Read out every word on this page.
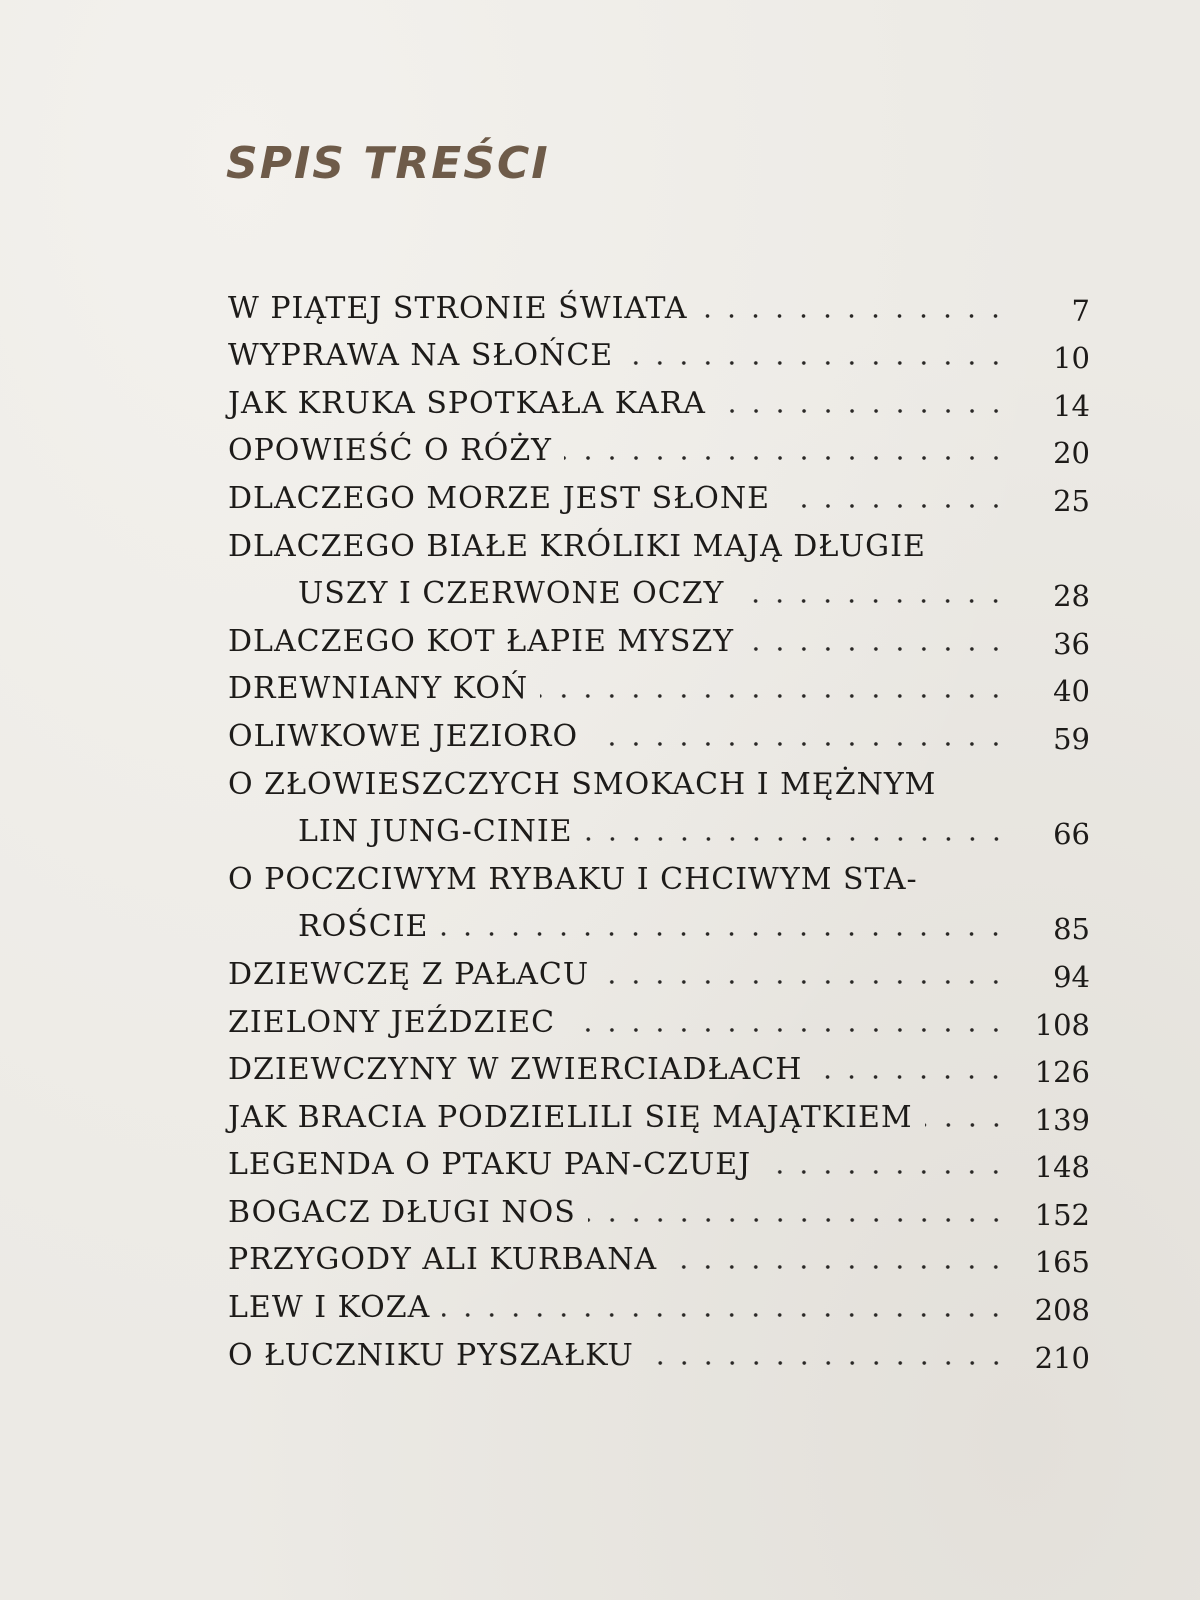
SPIS TREŚCI
W PIĄTEJ STRONIE ŚWIATA	7
WYPRAWA NA SŁOŃCE	10
JAK KRUKA SPOTKAŁA KARA	14
OPOWIEŚĆ O RÓŻY	20
DLACZEGO MORZE JEST SŁONE	25
DLACZEGO BIAŁE KRÓLIKI MAJĄ DŁUGIE
USZY I CZERWONE OCZY	28
DLACZEGO KOT ŁAPIE MYSZY	36
DREWNIANY KOŃ	40
OLIWKOWE JEZIORO	59
O ZŁOWIESZCZYCH SMOKACH I MĘŻNYM
LIN JUNG-CINIE	66
O POCZCIWYM RYBAKU I CHCIWYM STA-
ROŚCIE	85
DZIEWCZĘ Z PAŁACU	94
ZIELONY JEŹDZIEC	108
DZIEWCZYNY W ZWIERCIADŁACH	126
JAK BRACIA PODZIELILI SIĘ MAJĄTKIEM	139
LEGENDA O PTAKU PAN-CZUEJ	148
BOGACZ DŁUGI NOS	152
PRZYGODY ALI KURBANA	165
LEW I KOZA	208
O ŁUCZNIKU PYSZAŁKU	210
